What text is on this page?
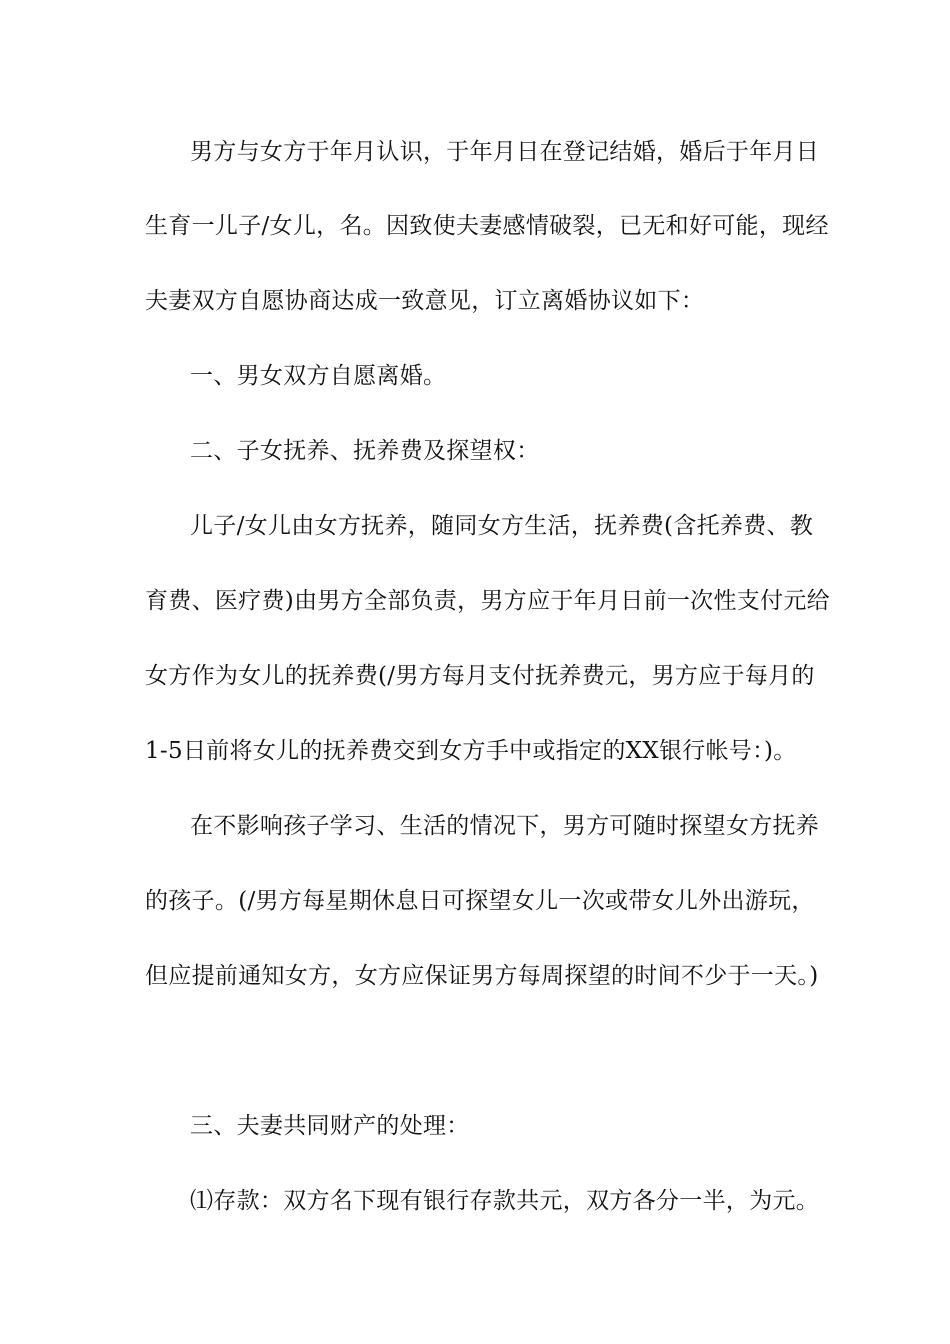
男方与女方于年月认识，于年月日在登记结婚，婚后于年月日
生育一儿子/女儿，名。因致使夫妻感情破裂，已无和好可能，现经
夫妻双方自愿协商达成一致意见，订立离婚协议如下：
一、男女双方自愿离婚。
二、子女抚养、抚养费及探望权：
儿子/女儿由女方抚养，随同女方生活，抚养费(含托养费、教
育费、医疗费)由男方全部负责，男方应于年月日前一次性支付元给
女方作为女儿的抚养费(/男方每月支付抚养费元，男方应于每月的
1-5日前将女儿的抚养费交到女方手中或指定的XX银行帐号：)。
在不影响孩子学习、生活的情况下，男方可随时探望女方抚养
的孩子。(/男方每星期休息日可探望女儿一次或带女儿外出游玩，
但应提前通知女方，女方应保证男方每周探望的时间不少于一天。)
三、夫妻共同财产的处理：
⑴存款：双方名下现有银行存款共元，双方各分一半，为元。
